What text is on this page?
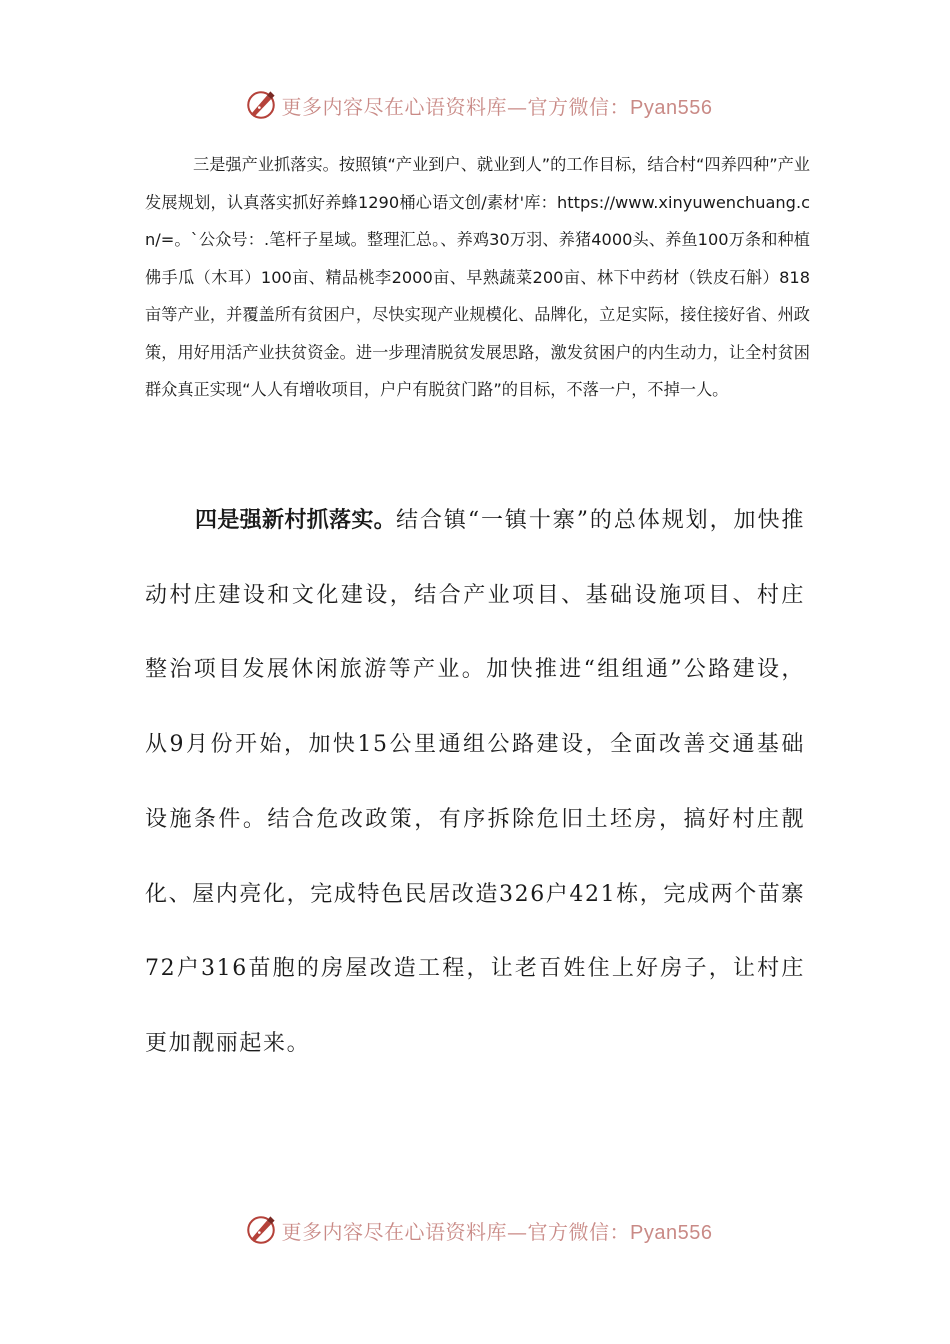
更多内容尽在心语资料库—官方微信：Pyan556

三是强产业抓落实。按照镇“产业到户、就业到人”的工作目标，结合村“四养四种”产业发展规划，认真落实抓好养蜂1290桶心语文创/素材'库：https://www.xinyuwenchuang.cn/=。`公众号：.笔杆子星域。整理汇总。、养鸡30万羽、养猪4000头、养鱼100万条和种植佛手瓜（木耳）100亩、精品桃李2000亩、早熟蔬菜200亩、林下中药材（铁皮石斛）818亩等产业，并覆盖所有贫困户，尽快实现产业规模化、品牌化，立足实际，接住接好省、州政策，用好用活产业扶贫资金。进一步理清脱贫发展思路，激发贫困户的内生动力，让全村贫困群众真正实现“人人有增收项目，户户有脱贫门路”的目标，不落一户，不掉一人。

四是强新村抓落实。结合镇“一镇十寨”的总体规划，加快推动村庄建设和文化建设，结合产业项目、基础设施项目、村庄整治项目发展休闲旅游等产业。加快推进“组组通”公路建设，从9月份开始，加快15公里通组公路建设，全面改善交通基础设施条件。结合危改政策，有序拆除危旧土坯房，搞好村庄靓化、屋内亮化，完成特色民居改造326户421栋，完成两个苗寨72户316苗胞的房屋改造工程，让老百姓住上好房子，让村庄更加靓丽起来。

更多内容尽在心语资料库—官方微信：Pyan556
